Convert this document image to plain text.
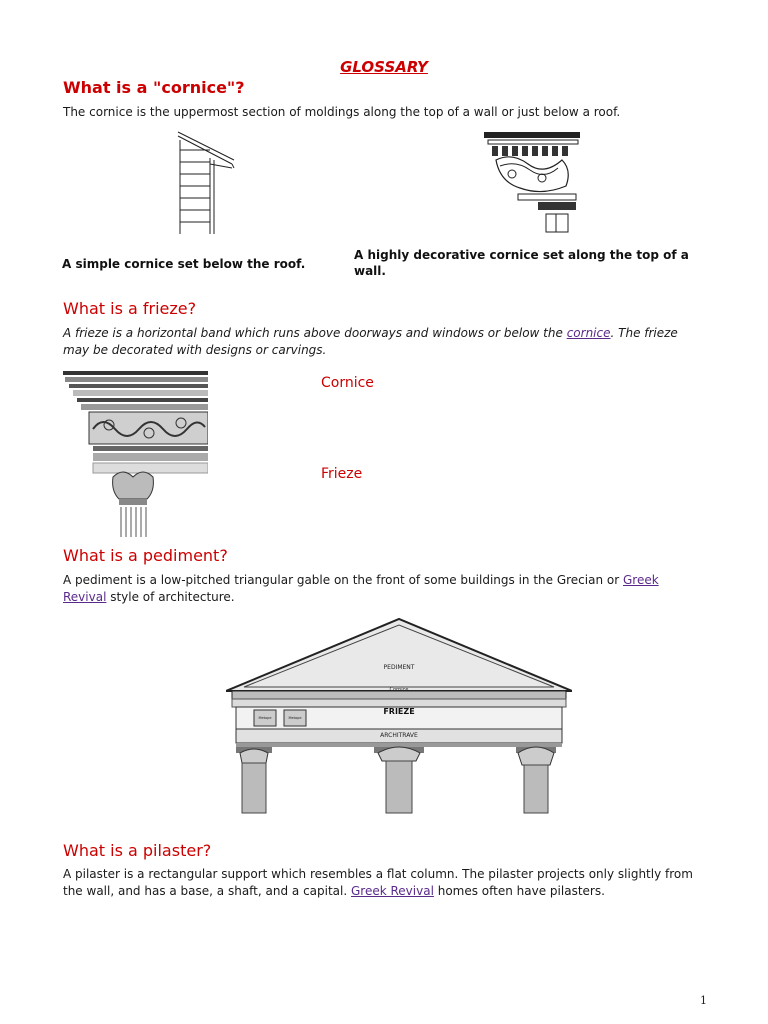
GLOSSARY
What is a "cornice"?
The cornice is the uppermost section of moldings along the top of a wall or just below a roof.
A simple cornice set below the roof.
A highly decorative cornice set along the top of a wall.
What is a frieze?
A frieze is a horizontal band which runs above doorways and windows or below the cornice. The frieze may be decorated with designs or carvings.
Cornice
Frieze
What is a pediment?
A pediment is a low-pitched triangular gable on the front of some buildings in the Grecian or Greek Revival style of architecture.
PEDIMENT
Cornice
FRIEZE
ARCHITRAVE
Metope	Metope
What is a pilaster?
A pilaster is a rectangular support which resembles a flat column. The pilaster projects only slightly from the wall, and has a base, a shaft, and a capital. Greek Revival homes often have pilasters.
1
